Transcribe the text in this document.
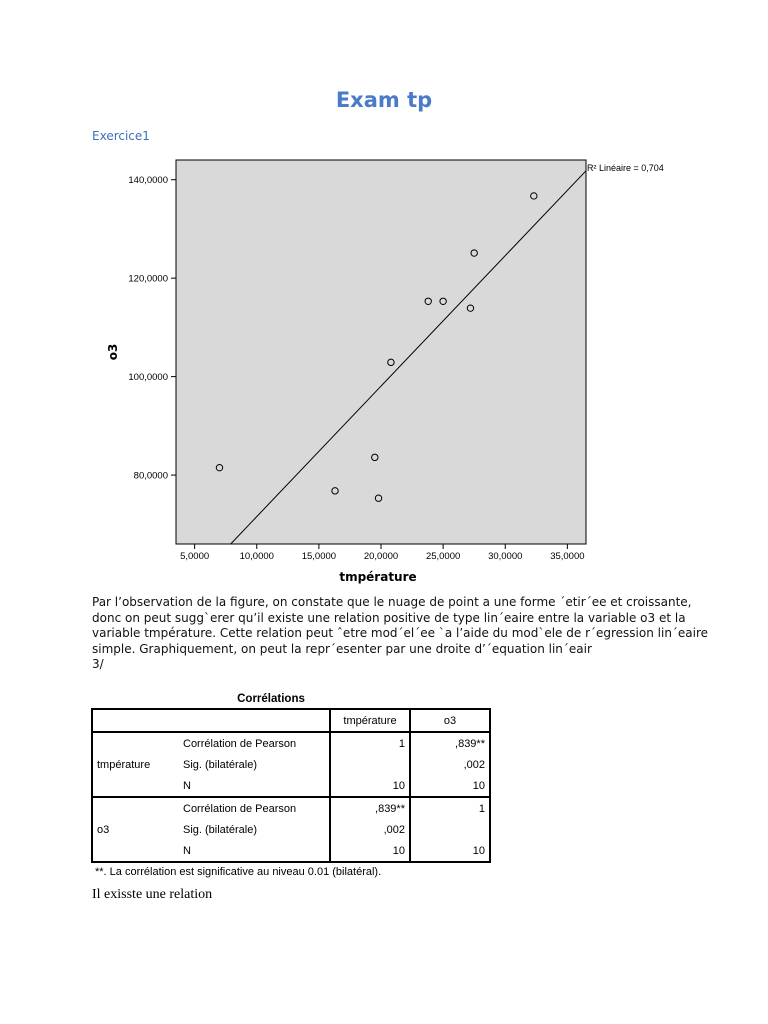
Exam tp
Exercice1
5,0000	10,0000	15,0000	20,0000	25,0000	30,0000	35,0000
80,0000
100,0000
120,0000
140,0000
tmpérature
o3
R² Linéaire = 0,704
Par l’observation de la figure, on constate que le nuage de point a une forme ´etir´ee et croissante,
donc on peut sugg`erer qu’il existe une relation positive de type lin´eaire entre la variable o3 et la
variable tmpérature. Cette relation peut ˆetre mod´el´ee `a l’aide du mod`ele de r´egression lin´eaire
simple. Graphiquement, on peut la repr´esenter par une droite d’´equation lin´eair
3/
Corrélations
		tmpérature	o3
tmpérature	Corrélation de Pearson	1	,839**
	Sig. (bilatérale)		,002
	N	10	10
o3	Corrélation de Pearson	,839**	1
	Sig. (bilatérale)	,002	
	N	10	10
**. La corrélation est significative au niveau 0.01 (bilatéral).
Il exisste une relation
